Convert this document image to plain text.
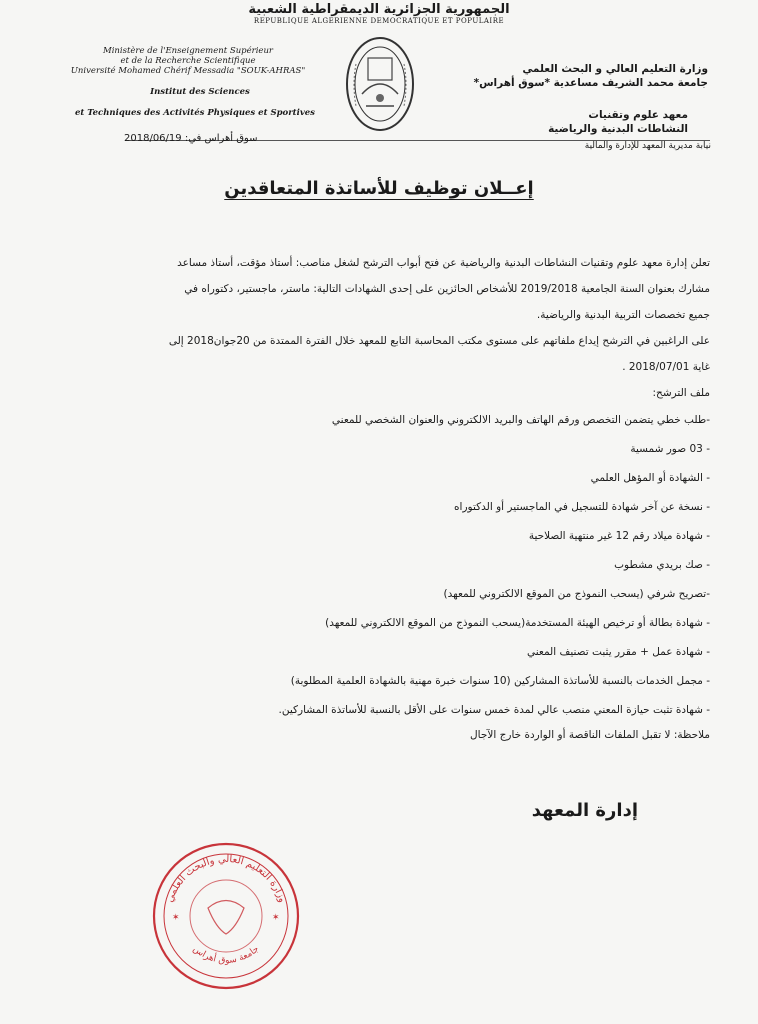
الجمهورية الجزائرية الديمقراطية الشعبية
REPUBLIQUE ALGERIENNE DEMOCRATIQUE ET POPULAIRE
Ministère de l'Enseignement Supérieur
et de la Recherche Scientifique
Université Mohamed Chérif Messadia "SOUK-AHRAS"
Institut des Sciences
et Techniques des Activités Physiques et Sportives
وزارة التعليم العالي و البحث العلمي
جامعة محمد الشريف مساعدية *سوق أهراس*
معهد علوم وتقنيات
النشاطات البدنية والرياضية
نيابة مديرية المعهد للإدارة والمالية
سوق أهراس في: 2018/06/19
إعــلان توظيف للأساتذة المتعاقدين

تعلن إدارة معهد علوم وتقنيات النشاطات البدنية والرياضية عن فتح أبواب الترشح لشغل مناصب: أستاذ مؤقت، أستاذ مساعد

مشارك بعنوان السنة الجامعية 2019/2018 للأشخاص الحائزين على إحدى الشهادات التالية: ماستر، ماجستير، دكتوراه في

جميع تخصصات التربية البدنية والرياضية.

على الراغبين في الترشح إيداع ملفاتهم على مستوى مكتب المحاسبة التابع للمعهد خلال الفترة الممتدة من 20جوان2018 إلى

غاية 2018/07/01 .

ملف الترشح:

-طلب خطي يتضمن التخصص ورقم الهاتف والبريد الالكتروني والعنوان الشخصي للمعني
- 03 صور شمسية
- الشهادة أو المؤهل العلمي
- نسخة عن آخر شهادة للتسجيل في الماجستير أو الدكتوراه
- شهادة ميلاد رقم 12 غير منتهية الصلاحية
- صك بريدي مشطوب
-تصريح شرفي (يسحب النموذج من الموقع الالكتروني للمعهد)
- شهادة بطالة أو ترخيص الهيئة المستخدمة(يسحب النموذج من الموقع الالكتروني للمعهد)
- شهادة عمل + مقرر يثبت تصنيف المعني
- مجمل الخدمات بالنسبة للأساتذة المشاركين (10 سنوات خبرة مهنية بالشهادة العلمية المطلوبة)
- شهادة تثبت حيازة المعني منصب عالي لمدة خمس سنوات على الأقل بالنسبة للأساتذة المشاركين.
ملاحظة: لا تقبل الملفات الناقصة أو الواردة خارج الآجال
إدارة المعهد
وزارة التعليم العالي والبحث العلمي
جامعة سوق أهراس
✶	✶
